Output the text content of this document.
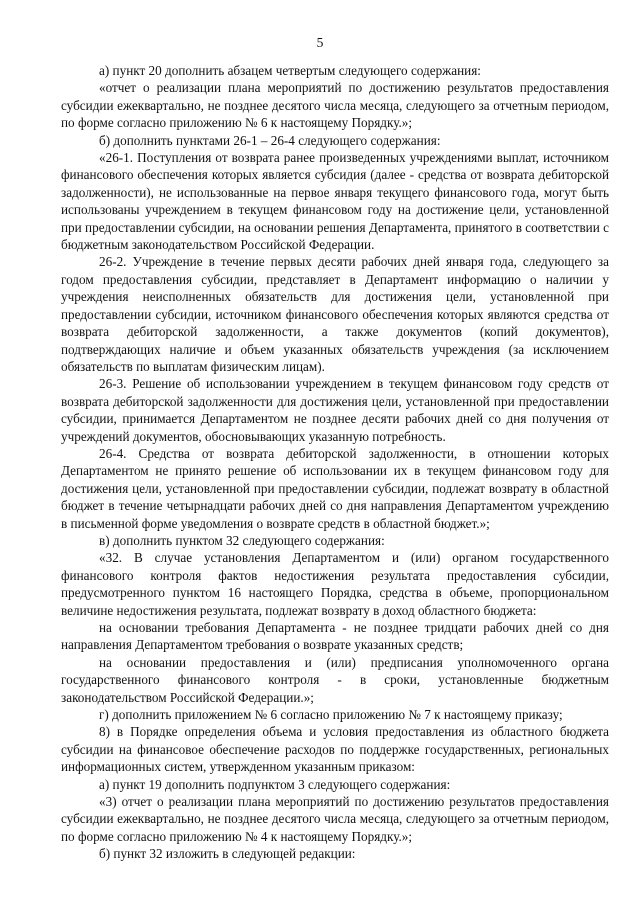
5

а) пункт 20 дополнить абзацем четвертым следующего содержания:

«отчет о реализации плана мероприятий по достижению результатов предоставления субсидии ежеквартально, не позднее десятого числа месяца, следующего за отчетным периодом, по форме согласно приложению № 6 к настоящему Порядку.»;

б) дополнить пунктами 26-1 – 26-4 следующего содержания:

«26-1. Поступления от возврата ранее произведенных учреждениями выплат, источником финансового обеспечения которых является субсидия (далее - средства от возврата дебиторской задолженности), не использованные на первое января текущего финансового года, могут быть использованы учреждением в текущем финансовом году на достижение цели, установленной при предоставлении субсидии, на основании решения Департамента, принятого в соответствии с бюджетным законодательством Российской Федерации.

26-2. Учреждение в течение первых десяти рабочих дней января года, следующего за годом предоставления субсидии, представляет в Департамент информацию о наличии у учреждения неисполненных обязательств для достижения цели, установленной при предоставлении субсидии, источником финансового обеспечения которых являются средства от возврата дебиторской задолженности, а также документов (копий документов), подтверждающих наличие и объем указанных обязательств учреждения (за исключением обязательств по выплатам физическим лицам).

26-3. Решение об использовании учреждением в текущем финансовом году средств от возврата дебиторской задолженности для достижения цели, установленной при предоставлении субсидии, принимается Департаментом не позднее десяти рабочих дней со дня получения от учреждений документов, обосновывающих указанную потребность.

26-4. Средства от возврата дебиторской задолженности, в отношении которых Департаментом не принято решение об использовании их в текущем финансовом году для достижения цели, установленной при предоставлении субсидии, подлежат возврату в областной бюджет в течение четырнадцати рабочих дней со дня направления Департаментом учреждению в письменной форме уведомления о возврате средств в областной бюджет.»;

в) дополнить пунктом 32 следующего содержания:

«32. В случае установления Департаментом и (или) органом государственного финансового контроля фактов недостижения результата предоставления субсидии, предусмотренного пунктом 16 настоящего Порядка, средства в объеме, пропорциональном величине недостижения результата, подлежат возврату в доход областного бюджета:

на основании требования Департамента - не позднее тридцати рабочих дней со дня направления Департаментом требования о возврате указанных средств;

на основании предоставления и (или) предписания уполномоченного органа государственного финансового контроля - в сроки, установленные бюджетным законодательством Российской Федерации.»;

г) дополнить приложением № 6 согласно приложению № 7 к настоящему приказу;

8) в Порядке определения объема и условия предоставления из областного бюджета субсидии на финансовое обеспечение расходов по поддержке государственных, региональных информационных систем, утвержденном указанным приказом:

а) пункт 19 дополнить подпунктом 3 следующего содержания:

«3) отчет о реализации плана мероприятий по достижению результатов предоставления субсидии ежеквартально, не позднее десятого числа месяца, следующего за отчетным периодом, по форме согласно приложению № 4 к настоящему Порядку.»;

б) пункт 32 изложить в следующей редакции:
